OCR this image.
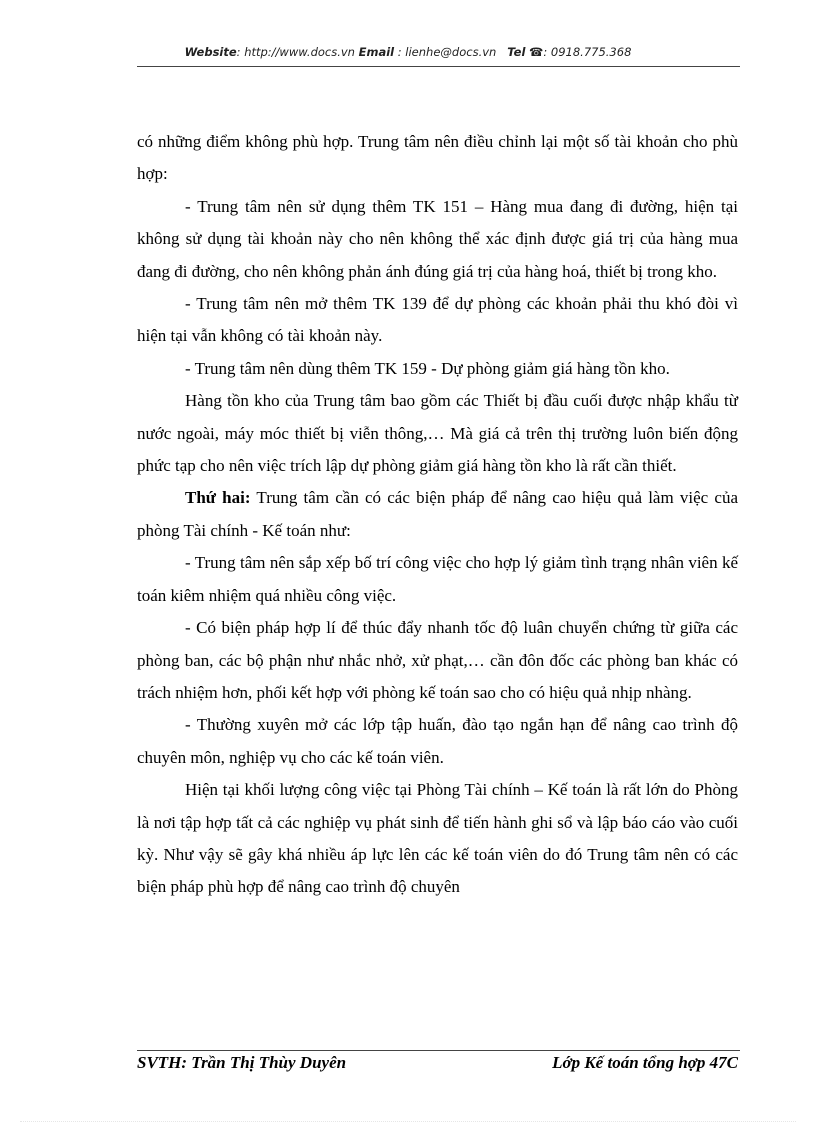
Website: http://www.docs.vn Email : lienhe@docs.vn Tel ☎: 0918.775.368

có những điểm không phù hợp. Trung tâm nên điều chỉnh lại một số tài khoản cho phù hợp:

- Trung tâm nên sử dụng thêm TK 151 – Hàng mua đang đi đường, hiện tại không sử dụng tài khoản này cho nên không thể xác định được giá trị của hàng mua đang đi đường, cho nên không phản ánh đúng giá trị của hàng hoá, thiết bị trong kho.

- Trung tâm nên mở thêm TK 139 để dự phòng các khoản phải thu khó đòi vì hiện tại vẫn không có tài khoản này.

- Trung tâm nên dùng thêm TK 159 - Dự phòng giảm giá hàng tồn kho.

Hàng tồn kho của Trung tâm bao gồm các Thiết bị đầu cuối được nhập khẩu từ nước ngoài, máy móc thiết bị viễn thông,… Mà giá cả trên thị trường luôn biến động phức tạp cho nên việc trích lập dự phòng giảm giá hàng tồn kho là rất cần thiết.

Thứ hai: Trung tâm cần có các biện pháp để nâng cao hiệu quả làm việc của phòng Tài chính - Kế toán như:

- Trung tâm nên sắp xếp bố trí công việc cho hợp lý giảm tình trạng nhân viên kế toán kiêm nhiệm quá nhiều công việc.

- Có biện pháp hợp lí để thúc đẩy nhanh tốc độ luân chuyển chứng từ giữa các phòng ban, các bộ phận như nhắc nhở, xử phạt,… cần đôn đốc các phòng ban khác có trách nhiệm hơn, phối kết hợp với phòng kế toán sao cho có hiệu quả nhịp nhàng.

- Thường xuyên mở các lớp tập huấn, đào tạo ngắn hạn để nâng cao trình độ chuyên môn, nghiệp vụ cho các kế toán viên.

Hiện tại khối lượng công việc tại Phòng Tài chính – Kế toán là rất lớn do Phòng là nơi tập hợp tất cả các nghiệp vụ phát sinh để tiến hành ghi sổ và lập báo cáo vào cuối kỳ. Như vậy sẽ gây khá nhiều áp lực lên các kế toán viên do đó Trung tâm nên có các biện pháp phù hợp để nâng cao trình độ chuyên

SVTH: Trần Thị Thùy Duyên	Lớp Kế toán tổng hợp 47C
